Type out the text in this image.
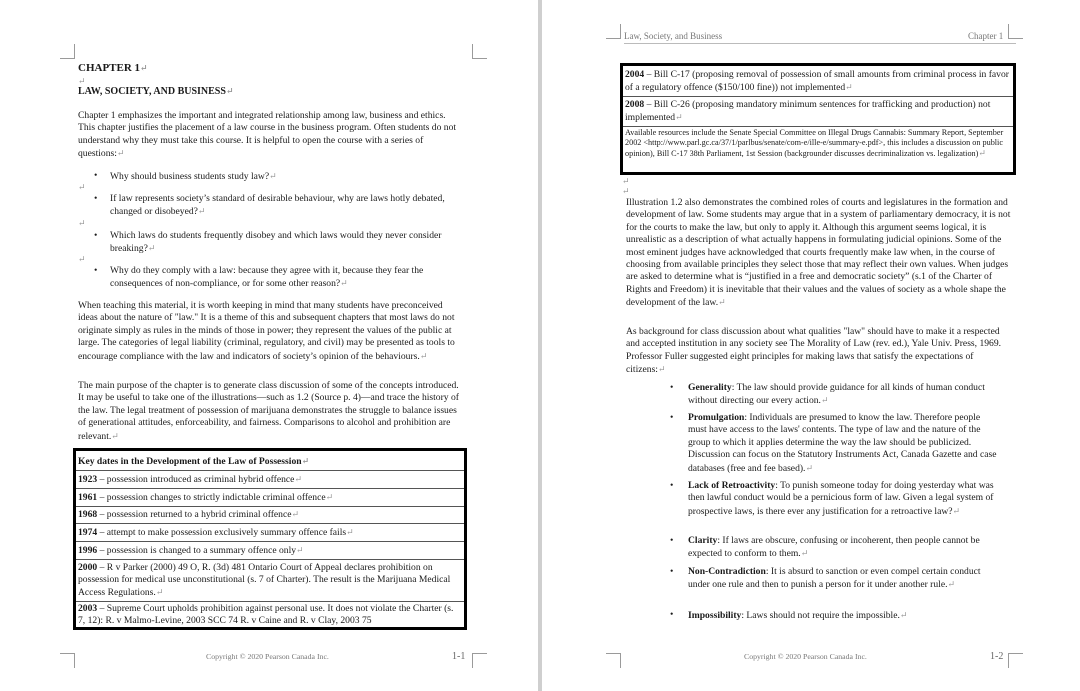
CHAPTER 1↵
↵
LAW, SOCIETY, AND BUSINESS↵

Chapter 1 emphasizes the important and integrated relationship among law, business and ethics. This chapter justifies the placement of a law course in the business program. Often students do not understand why they must take this course. It is helpful to open the course with a series of questions:↵

↵
• Why should business students study law?↵
• If law represents society’s standard of desirable behaviour, why are laws hotly debated, changed or disobeyed?↵
↵
• Which laws do students frequently disobey and which laws would they never consider breaking?↵
↵
• Why do they comply with a law: because they agree with it, because they fear the consequences of non-compliance, or for some other reason?↵

When teaching this material, it is worth keeping in mind that many students have preconceived ideas about the nature of "law." It is a theme of this and subsequent chapters that most laws do not originate simply as rules in the minds of those in power; they represent the values of the public at large. The categories of legal liability (criminal, regulatory, and civil) may be presented as tools to encourage compliance with the law and indicators of society’s opinion of the behaviours.↵

The main purpose of the chapter is to generate class discussion of some of the concepts introduced. It may be useful to take one of the illustrations—such as 1.2 (Source p. 4)—and trace the history of the law. The legal treatment of possession of marijuana demonstrates the struggle to balance issues of generational attitudes, enforceability, and fairness. Comparisons to alcohol and prohibition are relevant.↵

Key dates in the Development of the Law of Possession↵
1923 – possession introduced as criminal hybrid offence↵
1961 – possession changes to strictly indictable criminal offence↵
1968 – possession returned to a hybrid criminal offence↵
1974 – attempt to make possession exclusively summary offence fails↵
1996 – possession is changed to a summary offence only↵
2000 – R v Parker (2000) 49 O, R. (3d) 481 Ontario Court of Appeal declares prohibition on possession for medical use unconstitutional (s. 7 of Charter). The result is the Marijuana Medical Access Regulations.↵
2003 – Supreme Court upholds prohibition against personal use. It does not violate the Charter (s. 7, 12): R. v Malmo-Levine, 2003 SCC 74 R. v Caine and R. v Clay, 2003 75
Copyright © 2020 Pearson Canada Inc.	1-1
Law, Society, and Business	Chapter 1
2004 – Bill C-17 (proposing removal of possession of small amounts from criminal process in favor of a regulatory offence ($150/100 fine)) not implemented↵
2008 – Bill C-26 (proposing mandatory minimum sentences for trafficking and production) not implemented↵
Available resources include the Senate Special Committee on Illegal Drugs Cannabis: Summary Report, September 2002 <http://www.parl.gc.ca/37/1/parlbus/senate/com-e/ille-e/summary-e.pdf>, this includes a discussion on public opinion), Bill C-17 38th Parliament, 1st Session (backgrounder discusses decriminalization vs. legalization)↵
↵
↵

Illustration 1.2 also demonstrates the combined roles of courts and legislatures in the formation and development of law. Some students may argue that in a system of parliamentary democracy, it is not for the courts to make the law, but only to apply it. Although this argument seems logical, it is unrealistic as a description of what actually happens in formulating judicial opinions. Some of the most eminent judges have acknowledged that courts frequently make law when, in the course of choosing from available principles they select those that may reflect their own values. When judges are asked to determine what is “justified in a free and democratic society” (s.1 of the Charter of Rights and Freedom) it is inevitable that their values and the values of society as a whole shape the development of the law.↵

As background for class discussion about what qualities "law" should have to make it a respected and accepted institution in any society see The Morality of Law (rev. ed.), Yale Univ. Press, 1969. Professor Fuller suggested eight principles for making laws that satisfy the expectations of citizens:↵

• Generality: The law should provide guidance for all kinds of human conduct without directing our every action.↵
• Promulgation: Individuals are presumed to know the law. Therefore people must have access to the laws' contents. The type of law and the nature of the group to which it applies determine the way the law should be publicized. Discussion can focus on the Statutory Instruments Act, Canada Gazette and case databases (free and fee based).↵
• Lack of Retroactivity: To punish someone today for doing yesterday what was then lawful conduct would be a pernicious form of law. Given a legal system of prospective laws, is there ever any justification for a retroactive law?↵
• Clarity: If laws are obscure, confusing or incoherent, then people cannot be expected to conform to them.↵
• Non-Contradiction: It is absurd to sanction or even compel certain conduct under one rule and then to punish a person for it under another rule.↵
• Impossibility: Laws should not require the impossible.↵
Copyright © 2020 Pearson Canada Inc.	1-2
